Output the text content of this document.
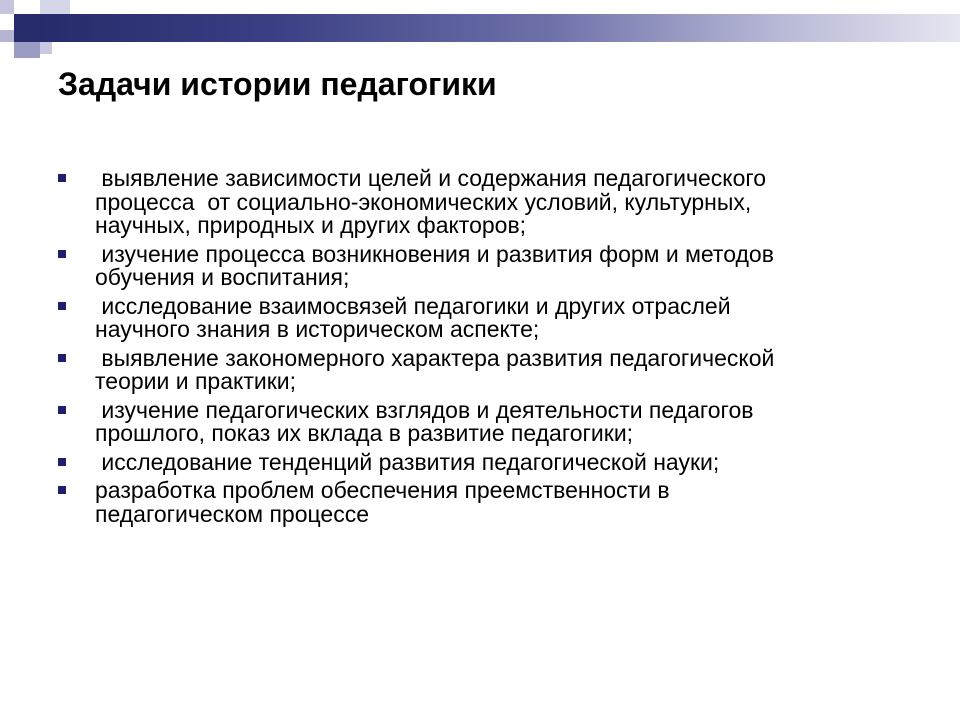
Задачи истории педагогики
выявление зависимости целей и содержания педагогического
процесса  от социально-экономических условий, культурных,
научных, природных и других факторов;
изучение процесса возникновения и развития форм и методов
обучения и воспитания;
исследование взаимосвязей педагогики и других отраслей
научного знания в историческом аспекте;
выявление закономерного характера развития педагогической
теории и практики;
изучение педагогических взглядов и деятельности педагогов
прошлого, показ их вклада в развитие педагогики;
исследование тенденций развития педагогической науки;
разработка проблем обеспечения преемственности в
педагогическом процессе
